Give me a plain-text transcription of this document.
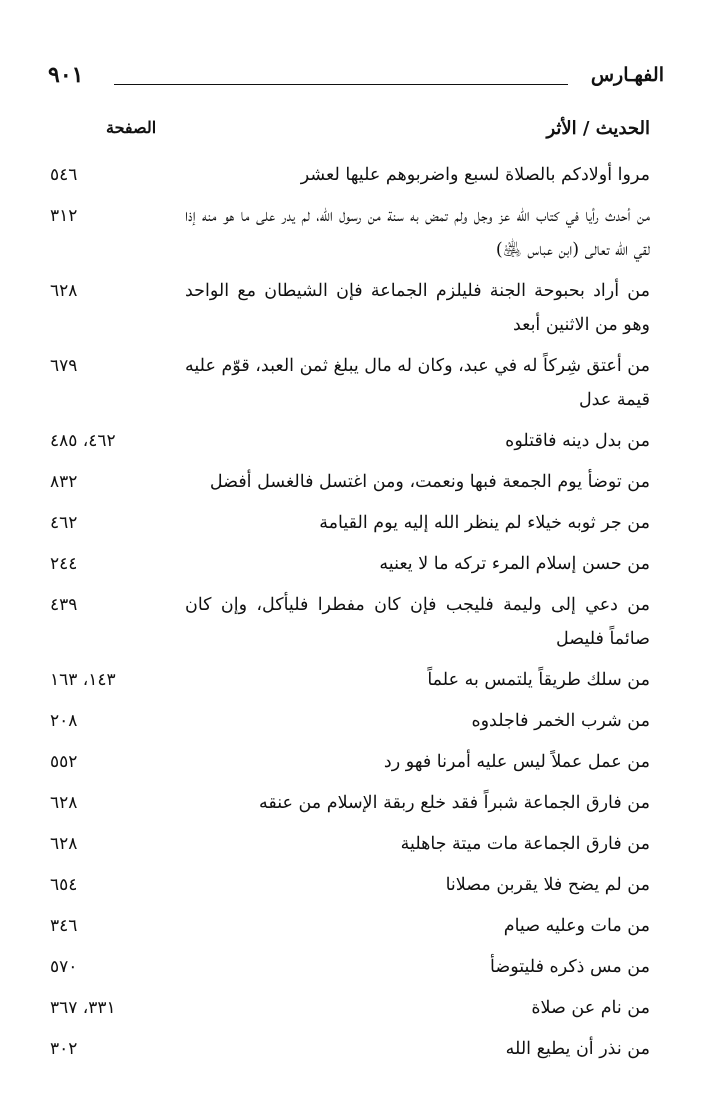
الفهـارس
٩٠١
الحديث / الأثر
الصفحة
مروا أولادكم بالصلاة لسبع واضربوهم عليها لعشر
٥٤٦
من أحدث رأيا في كتاب الله عز وجل ولم تمض به سنة من رسول الله، لم يدر على ما هو منه إذا لقي الله تعالى (ابن عباس ﵁)
٣١٢
من أراد بحبوحة الجنة فليلزم الجماعة فإن الشيطان مع الواحد وهو من الاثنين أبعد
٦٢٨
من أعتق شِركاً له في عبد، وكان له مال يبلغ ثمن العبد، قوّم عليه قيمة عدل
٦٧٩
من بدل دينه فاقتلوه
٤٦٢، ٤٨٥
من توضأ يوم الجمعة فبها ونعمت، ومن اغتسل فالغسل أفضل
٨٣٢
من جر ثوبه خيلاء لم ينظر الله إليه يوم القيامة
٤٦٢
من حسن إسلام المرء تركه ما لا يعنيه
٢٤٤
من دعي إلى وليمة فليجب فإن كان مفطرا فليأكل، وإن كان صائماً فليصل
٤٣٩
من سلك طريقاً يلتمس به علماً
١٤٣، ١٦٣
من شرب الخمر فاجلدوه
٢٠٨
من عمل عملاً ليس عليه أمرنا فهو رد
٥٥٢
من فارق الجماعة شبراً فقد خلع ربقة الإسلام من عنقه
٦٢٨
من فارق الجماعة مات ميتة جاهلية
٦٢٨
من لم يضح فلا يقربن مصلانا
٦٥٤
من مات وعليه صيام
٣٤٦
من مس ذكره فليتوضأ
٥٧٠
من نام عن صلاة
٣٣١، ٣٦٧
من نذر أن يطيع الله
٣٠٢
